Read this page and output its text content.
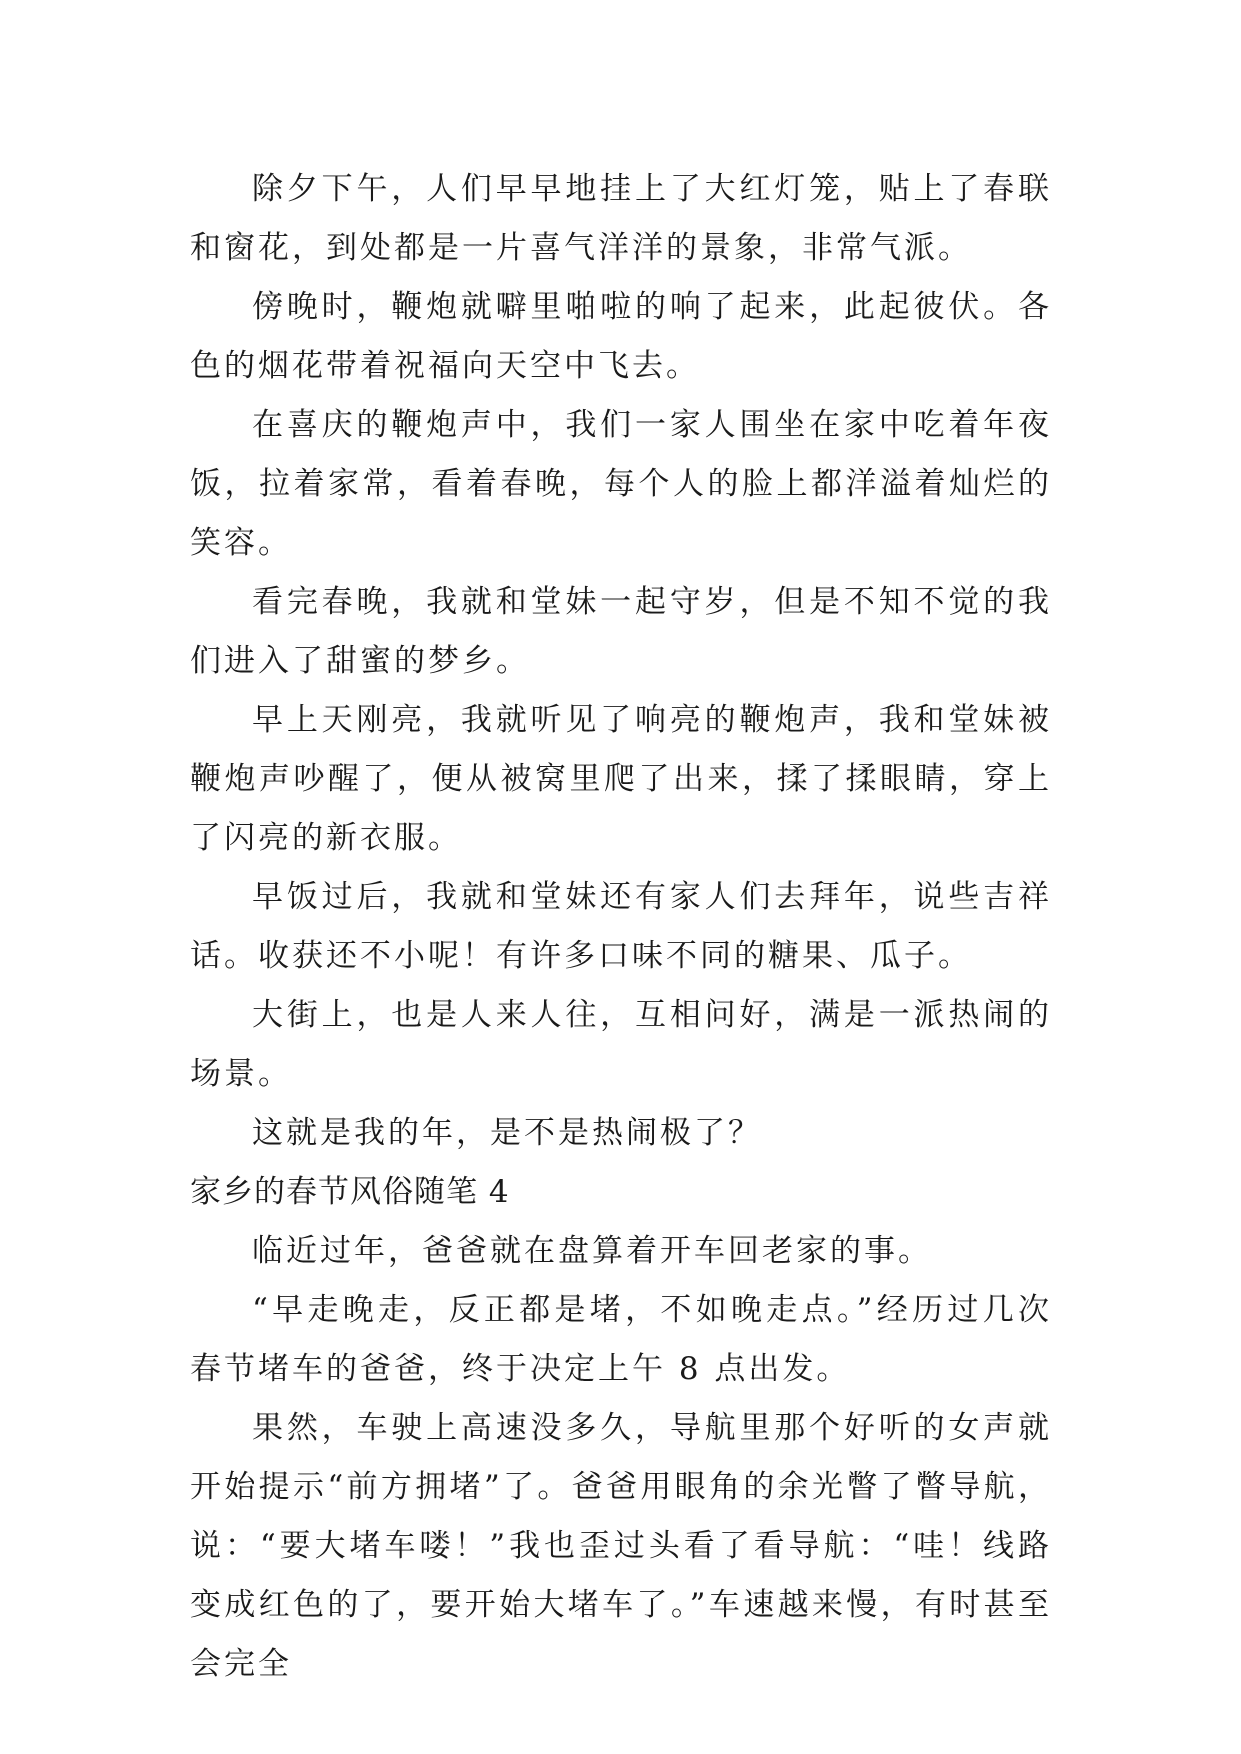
除夕下午，人们早早地挂上了大红灯笼，贴上了春联和窗花，到处都是一片喜气洋洋的景象，非常气派。

傍晚时，鞭炮就噼里啪啦的响了起来，此起彼伏。各色的烟花带着祝福向天空中飞去。

在喜庆的鞭炮声中，我们一家人围坐在家中吃着年夜饭，拉着家常，看着春晚，每个人的脸上都洋溢着灿烂的笑容。

看完春晚，我就和堂妹一起守岁，但是不知不觉的我们进入了甜蜜的梦乡。

早上天刚亮，我就听见了响亮的鞭炮声，我和堂妹被鞭炮声吵醒了，便从被窝里爬了出来，揉了揉眼睛，穿上了闪亮的新衣服。

早饭过后，我就和堂妹还有家人们去拜年，说些吉祥话。收获还不小呢！有许多口味不同的糖果、瓜子。

大街上，也是人来人往，互相问好，满是一派热闹的场景。

这就是我的年，是不是热闹极了？

家乡的春节风俗随笔 4

临近过年，爸爸就在盘算着开车回老家的事。

“早走晚走，反正都是堵，不如晚走点。”经历过几次春节堵车的爸爸，终于决定上午 8 点出发。

果然，车驶上高速没多久，导航里那个好听的女声就开始提示“前方拥堵”了。爸爸用眼角的余光瞥了瞥导航，说：“要大堵车喽！”我也歪过头看了看导航：“哇！线路变成红色的了，要开始大堵车了。”车速越来慢，有时甚至会完全
